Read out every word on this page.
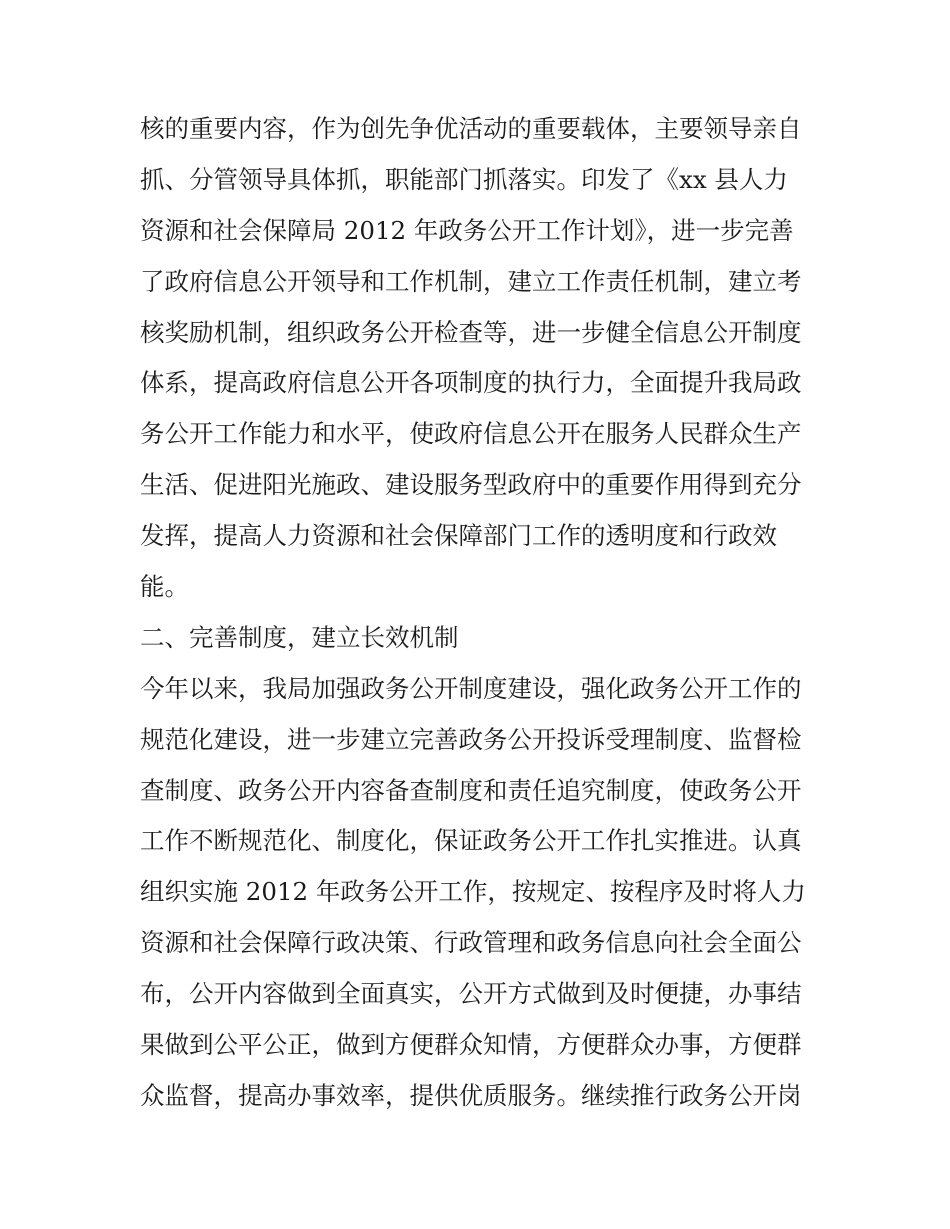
核的重要内容，作为创先争优活动的重要载体，主要领导亲自
抓、分管领导具体抓，职能部门抓落实。印发了《xx 县人力
资源和社会保障局 2012 年政务公开工作计划》，进一步完善
了政府信息公开领导和工作机制，建立工作责任机制，建立考
核奖励机制，组织政务公开检查等，进一步健全信息公开制度
体系，提高政府信息公开各项制度的执行力，全面提升我局政
务公开工作能力和水平，使政府信息公开在服务人民群众生产
生活、促进阳光施政、建设服务型政府中的重要作用得到充分
发挥，提高人力资源和社会保障部门工作的透明度和行政效
能。
二、完善制度，建立长效机制
今年以来，我局加强政务公开制度建设，强化政务公开工作的
规范化建设，进一步建立完善政务公开投诉受理制度、监督检
查制度、政务公开内容备查制度和责任追究制度，使政务公开
工作不断规范化、制度化，保证政务公开工作扎实推进。认真
组织实施 2012 年政务公开工作，按规定、按程序及时将人力
资源和社会保障行政决策、行政管理和政务信息向社会全面公
布，公开内容做到全面真实，公开方式做到及时便捷，办事结
果做到公平公正，做到方便群众知情，方便群众办事，方便群
众监督，提高办事效率，提供优质服务。继续推行政务公开岗
